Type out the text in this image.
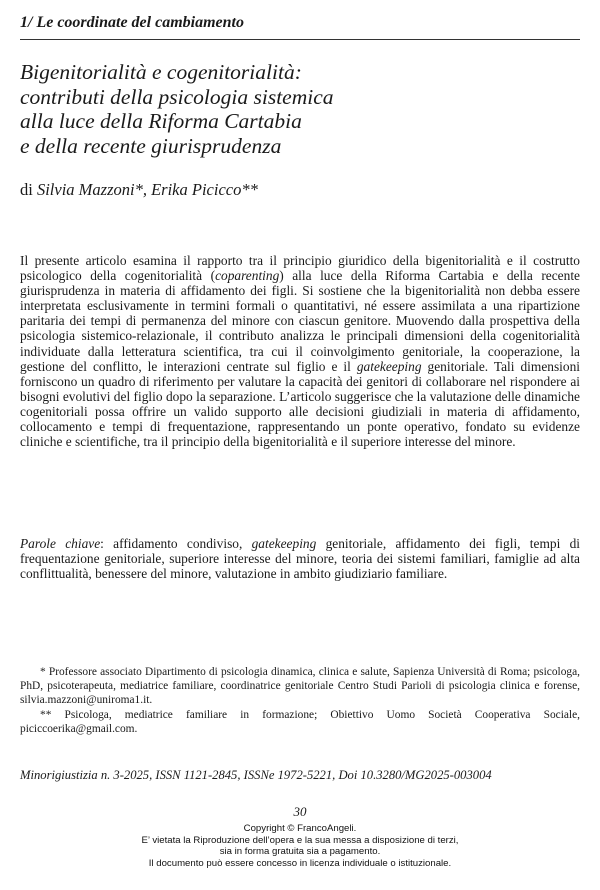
1/ Le coordinate del cambiamento
Bigenitorialità e cogenitorialità:
contributi della psicologia sistemica
alla luce della Riforma Cartabia
e della recente giurisprudenza
di Silvia Mazzoni*, Erika Picicco**
Il presente articolo esamina il rapporto tra il principio giuridico della bigenitorialità e il costrutto psicologico della cogenitorialità (coparenting) alla luce della Riforma Cartabia e della recente giurisprudenza in materia di affidamento dei figli. Si sostiene che la bigenitorialità non debba essere interpretata esclusivamente in termini formali o quantitativi, né essere assimilata a una ripartizione paritaria dei tempi di permanenza del minore con ciascun genitore. Muovendo dalla prospettiva della psicologia sistemico-relazionale, il contributo analizza le principali dimensioni della cogenitorialità individuate dalla letteratura scientifica, tra cui il coinvolgimento genitoriale, la cooperazione, la gestione del conflitto, le interazioni centrate sul figlio e il gatekeeping genitoriale. Tali dimensioni forniscono un quadro di riferimento per valutare la capacità dei genitori di collaborare nel rispondere ai bisogni evolutivi del figlio dopo la separazione. L’articolo suggerisce che la valutazione delle dinamiche cogenitoriali possa offrire un valido supporto alle decisioni giudiziali in materia di affidamento, collocamento e tempi di frequentazione, rappresentando un ponte operativo, fondato su evidenze cliniche e scientifiche, tra il principio della bigenitorialità e il superiore interesse del minore.
Parole chiave: affidamento condiviso, gatekeeping genitoriale, affidamento dei figli, tempi di frequentazione genitoriale, superiore interesse del minore, teoria dei sistemi familiari, famiglie ad alta conflittualità, benessere del minore, valutazione in ambito giudiziario familiare.

* Professore associato Dipartimento di psicologia dinamica, clinica e salute, Sapienza Università di Roma; psicologa, PhD, psicoterapeuta, mediatrice familiare, coordinatrice genitoriale Centro Studi Parioli di psicologia clinica e forense, silvia.mazzoni@uniroma1.it.

** Psicologa, mediatrice familiare in formazione; Obiettivo Uomo Società Cooperativa Sociale, piciccoerika@gmail.com.

Minorigiustizia n. 3-2025, ISSN 1121-2845, ISSNe 1972-5221, Doi 10.3280/MG2025-003004
30
Copyright © FrancoAngeli.
E’ vietata la Riproduzione dell’opera e la sua messa a disposizione di terzi,
sia in forma gratuita sia a pagamento.
Il documento può essere concesso in licenza individuale o istituzionale.
